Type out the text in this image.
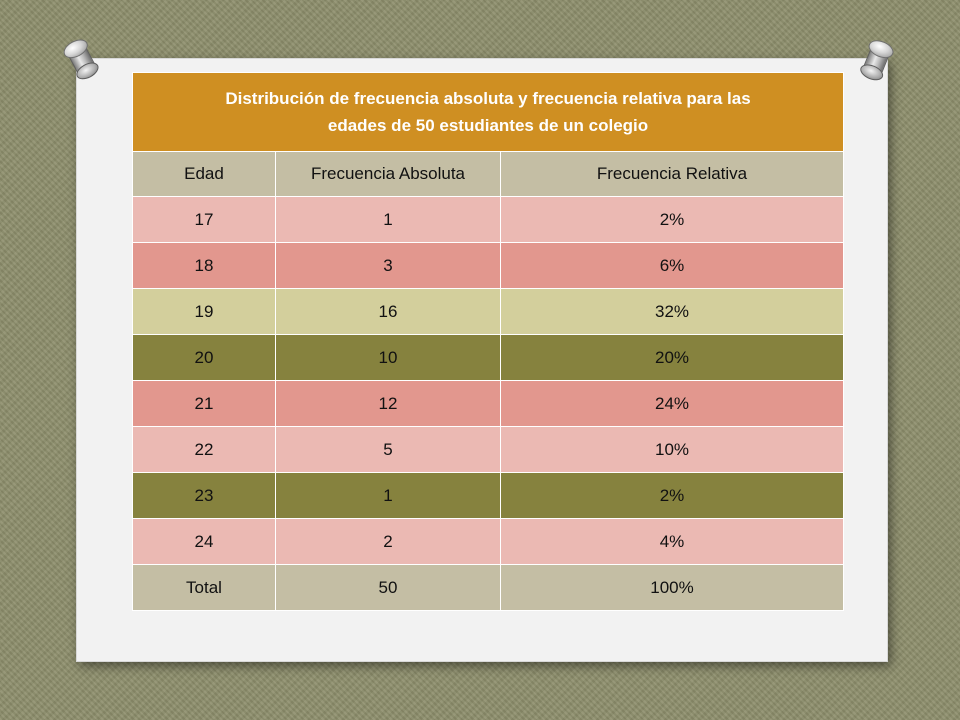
Distribución de frecuencia absoluta y frecuencia relativa para las
edades de 50 estudiantes de un colegio		
Edad	Frecuencia Absoluta	Frecuencia Relativa
17	1	2%
18	3	6%
19	16	32%
20	10	20%
21	12	24%
22	5	10%
23	1	2%
24	2	4%
Total	50	100%
